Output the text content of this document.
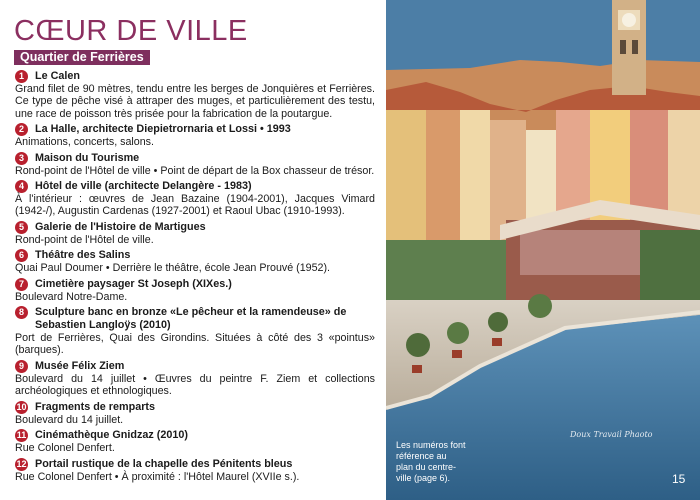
CŒUR DE VILLE
Quartier de Ferrières
1	Le Calen
Grand filet de 90 mètres, tendu entre les berges de Jonquières et Ferrières. Ce type de pêche visé à attraper des muges, et particulièrement des testu, une race de poisson très prisée pour la fabrication de la poutargue.
2	La Halle, architecte Diepietrornaria et Lossi • 1993
Animations, concerts, salons.
3	Maison du Tourisme
Rond-point de l'Hôtel de ville • Point de départ de la Box chasseur de trésor.
4	Hôtel de ville (architecte Delangère - 1983)
À l'intérieur : œuvres de Jean Bazaine (1904-2001), Jacques Vimard (1942-/), Augustin Cardenas (1927-2001) et Raoul Ubac (1910-1993).
5	Galerie de l'Histoire de Martigues
Rond-point de l'Hôtel de ville.
6	Théâtre des Salins
Quai Paul Doumer • Derrière le théâtre, école Jean Prouvé (1952).
7	Cimetière paysager St Joseph (XIXes.)
Boulevard Notre-Dame.
8	Sculpture banc en bronze «Le pêcheur et la ramendeuse» de Sebastien Langloÿs (2010)
Port de Ferrières, Quai des Girondins. Situées à côté des 3 «pointus» (barques).
9	Musée Félix Ziem
Boulevard du 14 juillet • Œuvres du peintre F. Ziem et collections archéologiques et ethnologiques.
10 Fragments de remparts
Boulevard du 14 juillet.
11 Cinémathèque Gnidzaz (2010)
Rue Colonel Denfert.
12 Portail rustique de la chapelle des Pénitents bleus
Rue Colonel Denfert • À proximité : l'Hôtel Maurel (XVIIe s.).
Les numéros font référence au plan du centre-ville (page 6).
Doux Travail Phaoto
15
